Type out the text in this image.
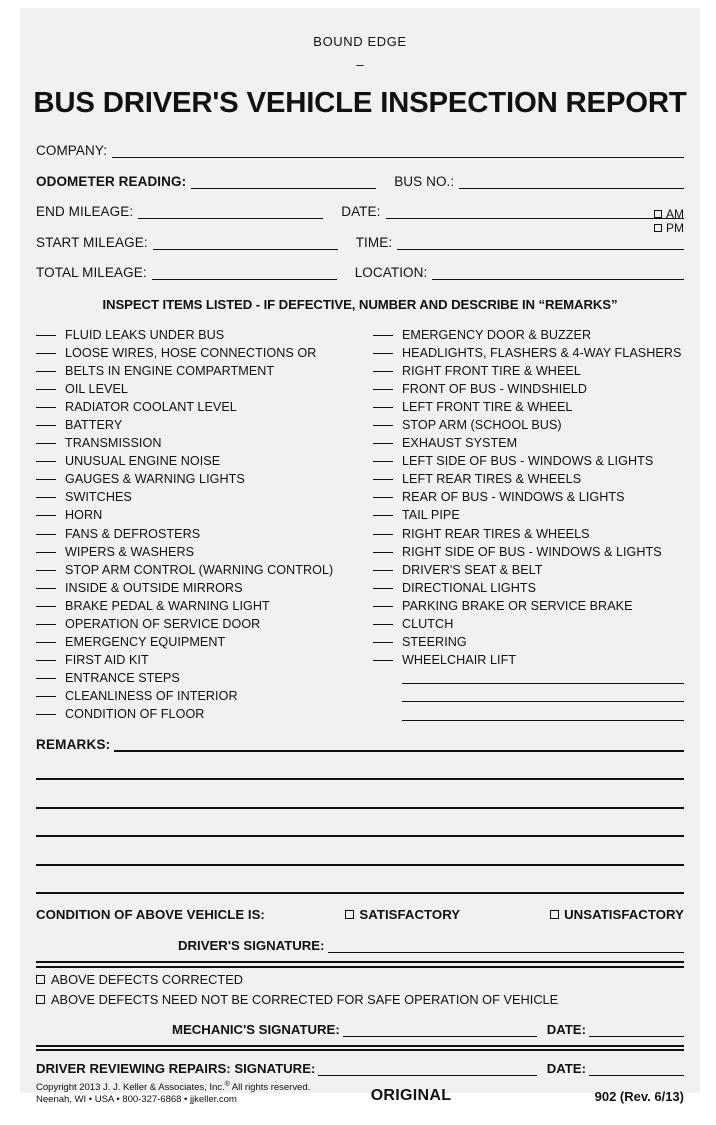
BOUND EDGE
–
BUS DRIVER'S VEHICLE INSPECTION REPORT
COMPANY:
ODOMETER READING:	BUS NO.:
END MILEAGE:	DATE:
START MILEAGE:	TIME:
TOTAL MILEAGE:	LOCATION:
AM
PM
INSPECT ITEMS LISTED - IF DEFECTIVE, NUMBER AND DESCRIBE IN “REMARKS”
FLUID LEAKS UNDER BUS
LOOSE WIRES, HOSE CONNECTIONS OR
BELTS IN ENGINE COMPARTMENT
OIL LEVEL
RADIATOR COOLANT LEVEL
BATTERY
TRANSMISSION
UNUSUAL ENGINE NOISE
GAUGES & WARNING LIGHTS
SWITCHES
HORN
FANS & DEFROSTERS
WIPERS & WASHERS
STOP ARM CONTROL (WARNING CONTROL)
INSIDE & OUTSIDE MIRRORS
BRAKE PEDAL & WARNING LIGHT
OPERATION OF SERVICE DOOR
EMERGENCY EQUIPMENT
FIRST AID KIT
ENTRANCE STEPS
CLEANLINESS OF INTERIOR
CONDITION OF FLOOR
EMERGENCY DOOR & BUZZER
HEADLIGHTS, FLASHERS & 4-WAY FLASHERS
RIGHT FRONT TIRE & WHEEL
FRONT OF BUS - WINDSHIELD
LEFT FRONT TIRE & WHEEL
STOP ARM (SCHOOL BUS)
EXHAUST SYSTEM
LEFT SIDE OF BUS - WINDOWS & LIGHTS
LEFT REAR TIRES & WHEELS
REAR OF BUS - WINDOWS & LIGHTS
TAIL PIPE
RIGHT REAR TIRES & WHEELS
RIGHT SIDE OF BUS - WINDOWS & LIGHTS
DRIVER'S SEAT & BELT
DIRECTIONAL LIGHTS
PARKING BRAKE OR SERVICE BRAKE
CLUTCH
STEERING
WHEELCHAIR LIFT
REMARKS:
CONDITION OF ABOVE VEHICLE IS:	SATISFACTORY	UNSATISFACTORY
DRIVER'S SIGNATURE:
ABOVE DEFECTS CORRECTED
ABOVE DEFECTS NEED NOT BE CORRECTED FOR SAFE OPERATION OF VEHICLE
MECHANIC'S SIGNATURE:	DATE:
DRIVER REVIEWING REPAIRS: SIGNATURE:	DATE:
Copyright 2013 J. J. Keller & Associates, Inc.® All rights reserved.
Neenah, WI • USA • 800-327-6868 • jjkeller.com	ORIGINAL	902 (Rev. 6/13)
